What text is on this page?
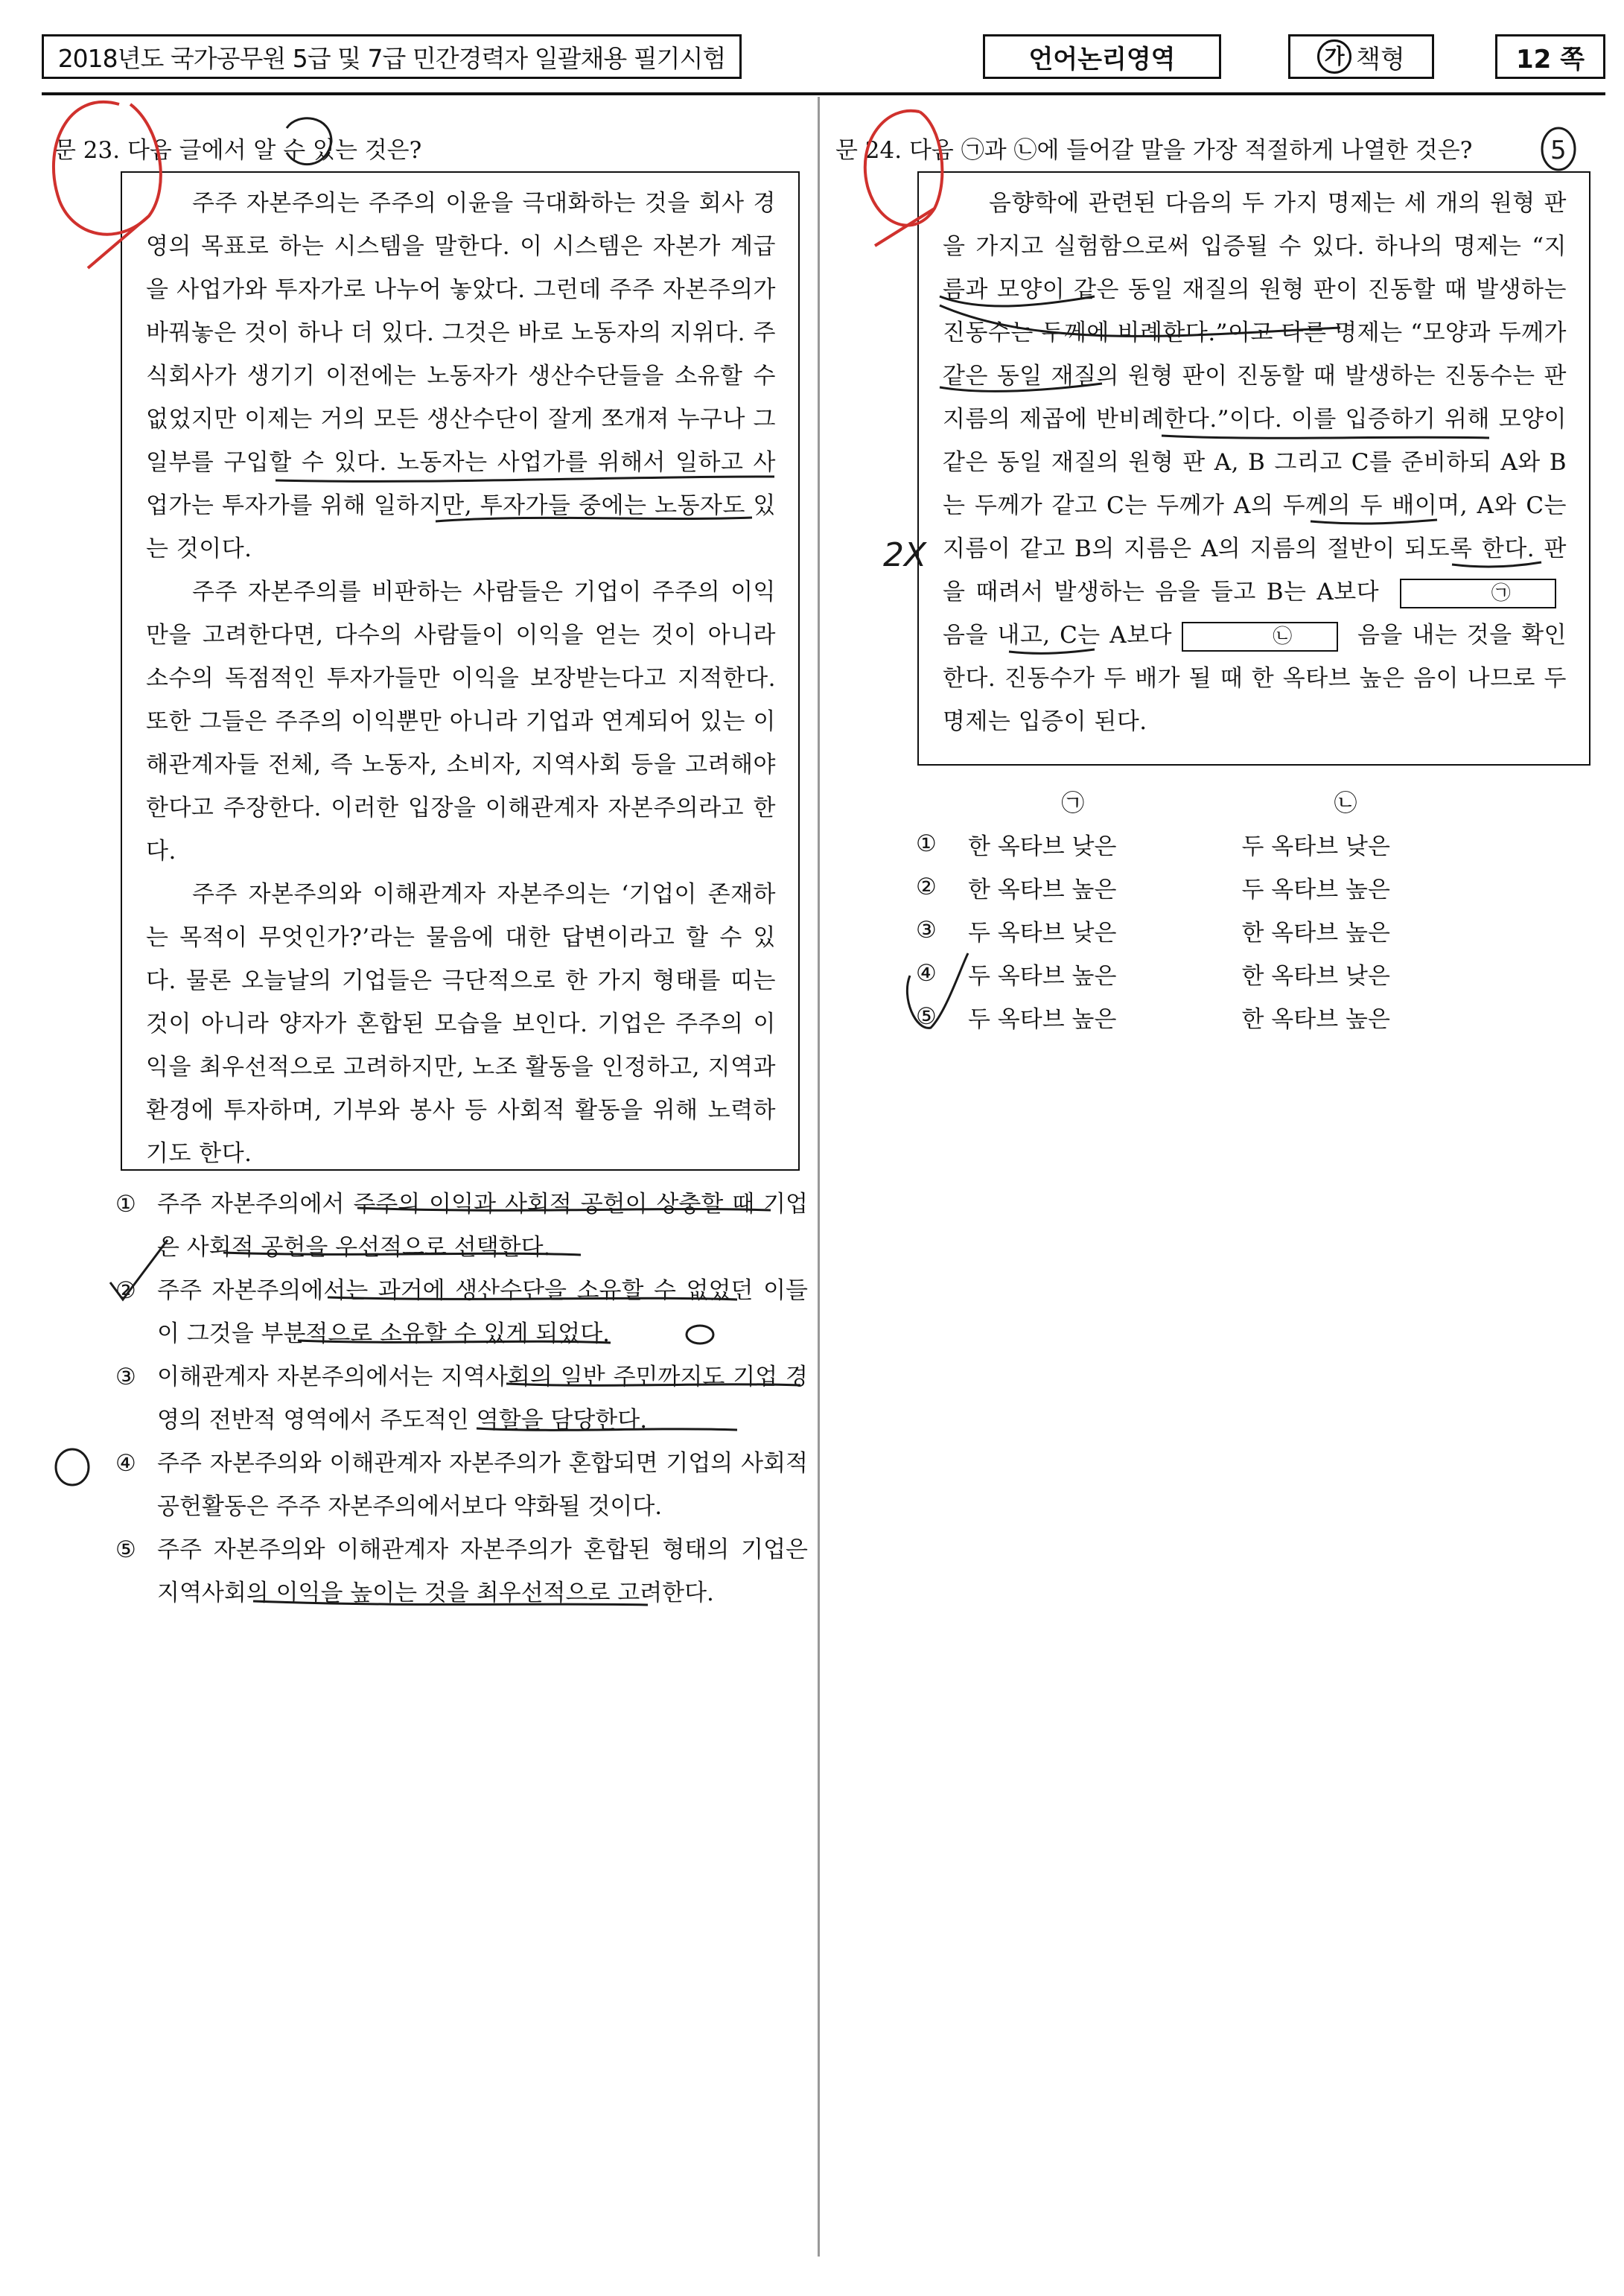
2018년도 국가공무원 5급 및 7급 민간경력자 일괄채용 필기시험	언어논리영역	가 책형	12 쪽
문 23. 다음 글에서 알 수 있는 것은?

주주 자본주의는 주주의 이윤을 극대화하는 것을 회사 경영의 목표로 하는 시스템을 말한다. 이 시스템은 자본가 계급을 사업가와 투자가로 나누어 놓았다. 그런데 주주 자본주의가 바꿔놓은 것이 하나 더 있다. 그것은 바로 노동자의 지위다. 주식회사가 생기기 이전에는 노동자가 생산수단들을 소유할 수 없었지만 이제는 거의 모든 생산수단이 잘게 쪼개져 누구나 그 일부를 구입할 수 있다. 노동자는 사업가를 위해서 일하고 사업가는 투자가를 위해 일하지만, 투자가들 중에는 노동자도 있는 것이다.

주주 자본주의를 비판하는 사람들은 기업이 주주의 이익만을 고려한다면, 다수의 사람들이 이익을 얻는 것이 아니라 소수의 독점적인 투자가들만 이익을 보장받는다고 지적한다. 또한 그들은 주주의 이익뿐만 아니라 기업과 연계되어 있는 이해관계자들 전체, 즉 노동자, 소비자, 지역사회 등을 고려해야 한다고 주장한다. 이러한 입장을 이해관계자 자본주의라고 한다.

주주 자본주의와 이해관계자 자본주의는 ‘기업이 존재하는 목적이 무엇인가?’라는 물음에 대한 답변이라고 할 수 있다. 물론 오늘날의 기업들은 극단적으로 한 가지 형태를 띠는 것이 아니라 양자가 혼합된 모습을 보인다. 기업은 주주의 이익을 최우선적으로 고려하지만, 노조 활동을 인정하고, 지역과 환경에 투자하며, 기부와 봉사 등 사회적 활동을 위해 노력하기도 한다.

① 주주 자본주의에서 주주의 이익과 사회적 공헌이 상충할 때 기업은 사회적 공헌을 우선적으로 선택한다.
② 주주 자본주의에서는 과거에 생산수단을 소유할 수 없었던 이들이 그것을 부분적으로 소유할 수 있게 되었다.
③ 이해관계자 자본주의에서는 지역사회의 일반 주민까지도 기업 경영의 전반적 영역에서 주도적인 역할을 담당한다.
④ 주주 자본주의와 이해관계자 자본주의가 혼합되면 기업의 사회적 공헌활동은 주주 자본주의에서보다 약화될 것이다.
⑤ 주주 자본주의와 이해관계자 자본주의가 혼합된 형태의 기업은 지역사회의 이익을 높이는 것을 최우선적으로 고려한다.
문 24. 다음 ㉠과 ㉡에 들어갈 말을 가장 적절하게 나열한 것은?

음향학에 관련된 다음의 두 가지 명제는 세 개의 원형 판을 가지고 실험함으로써 입증될 수 있다. 하나의 명제는 “지름과 모양이 같은 동일 재질의 원형 판이 진동할 때 발생하는 진동수는 두께에 비례한다.”이고 다른 명제는 “모양과 두께가 같은 동일 재질의 원형 판이 진동할 때 발생하는 진동수는 판 지름의 제곱에 반비례한다.”이다. 이를 입증하기 위해 모양이 같은 동일 재질의 원형 판 A, B 그리고 C를 준비하되 A와 B는 두께가 같고 C는 두께가 A의 두께의 두 배이며, A와 C는 지름이 같고 B의 지름은 A의 지름의 절반이 되도록 한다. 판을 때려서 발생하는 음을 들고 B는 A보다	㉠
음을 내고, C는 A보다	㉡	음을 내는 것을 확인한다. 진동수가 두 배가 될 때 한 옥타브 높은 음이 나므로 두 명제는 입증이 된다.

㉠	㉡
①	한 옥타브 낮은	두 옥타브 낮은
②	한 옥타브 높은	두 옥타브 높은
③	두 옥타브 낮은	한 옥타브 높은
④	두 옥타브 높은	한 옥타브 낮은
⑤	두 옥타브 높은	한 옥타브 높은
5
2X
